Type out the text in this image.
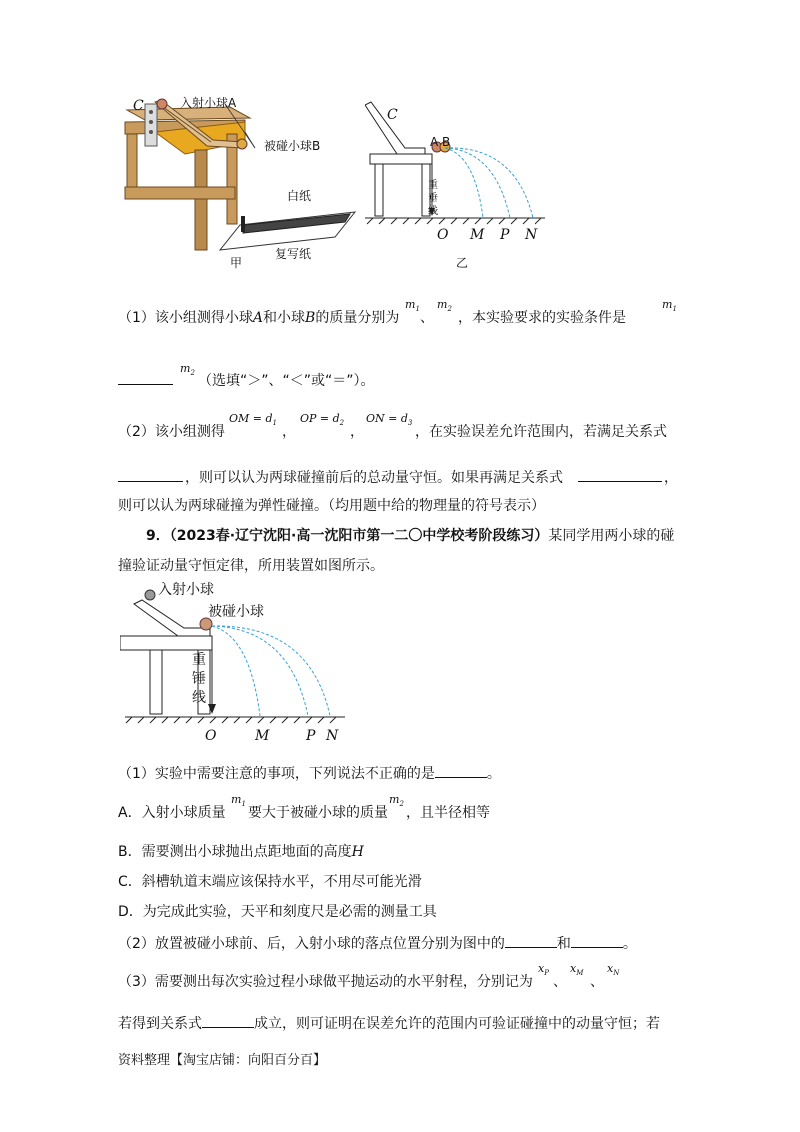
C	入射小球A
被碰小球B
白纸
复写纸
甲
C
A B
重
垂
线
O M P N
乙
（1）该小组测得小球A和小球B的质量分别为
$m_1$
、
$m_2$
，本实验要求的实验条件是
$m_1$
$m_2$ （选填“＞”、“＜”或“＝”）。
（2）该小组测得
OM = $d_1$
，
OP = $d_2$
，
ON = $d_3$
，在实验误差允许范围内，若满足关系式
，则可以认为两球碰撞前后的总动量守恒。如果再满足关系式	，
则可以认为两球碰撞为弹性碰撞。（均用题中给的物理量的符号表示）
9．（2023春·辽宁沈阳·高一沈阳市第一二〇中学校考阶段练习）某同学用两小球的碰
撞验证动量守恒定律，所用装置如图所示。
入射小球
被碰小球
重
锤
线
O	M	P N
（1）实验中需要注意的事项，下列说法不正确的是	。
A．入射小球质量
$m_1$
要大于被碰小球的质量
$m_2$
，且半径相等
B．需要测出小球抛出点距地面的高度H
C．斜槽轨道末端应该保持水平，不用尽可能光滑
D．为完成此实验，天平和刻度尺是必需的测量工具
（2）放置被碰小球前、后，入射小球的落点位置分别为图中的	和	。
（3）需要测出每次实验过程小球做平抛运动的水平射程，分别记为
$x_P$
、
$x_M$
、
$x_N$
若得到关系式	成立，则可证明在误差允许的范围内可验证碰撞中的动量守恒；若
资料整理【淘宝店铺：向阳百分百】
